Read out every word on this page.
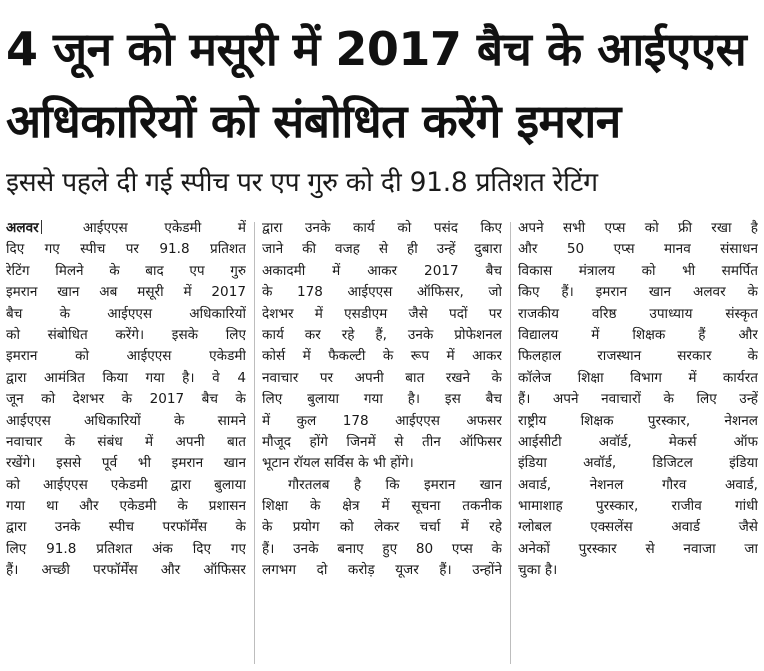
4 जून को मसूरी में 2017 बैच के आईएएस
अधिकारियों को संबोधित करेंगे इमरान
इससे पहले दी गई स्पीच पर एप गुरु को दी 91.8 प्रतिशत रेटिंग
अलवर	आईएएस एकेडमी में
दिए गए स्पीच पर 91.8 प्रतिशत
रेटिंग मिलने के बाद एप गुरु
इमरान खान अब मसूरी में 2017
बैच के आईएएस अधिकारियों
को संबोधित करेंगे। इसके लिए
इमरान को आईएएस एकेडमी
द्वारा आमंत्रित किया गया है। वे 4
जून को देशभर के 2017 बैच के
आईएएस अधिकारियों के सामने
नवाचार के संबंध में अपनी बात
रखेंगे। इससे पूर्व भी इमरान खान
को आईएएस एकेडमी द्वारा बुलाया
गया था और एकेडमी के प्रशासन
द्वारा उनके स्पीच परफॉर्मेंस के
लिए 91.8 प्रतिशत अंक दिए गए
हैं। अच्छी परफॉर्मेंस और ऑफिसर
द्वारा उनके कार्य को पसंद किए
जाने की वजह से ही उन्हें दुबारा
अकादमी में आकर 2017 बैच
के 178 आईएएस ऑफिसर, जो
देशभर में एसडीएम जैसे पदों पर
कार्य कर रहे हैं, उनके प्रोफेशनल
कोर्स में फैकल्टी के रूप में आकर
नवाचार पर अपनी बात रखने के
लिए बुलाया गया है। इस बैच
में कुल 178 आईएएस अफसर
मौजूद होंगे जिनमें से तीन ऑफिसर
भूटान रॉयल सर्विस के भी होंगे।
गौरतलब है कि इमरान खान
शिक्षा के क्षेत्र में सूचना तकनीक
के प्रयोग को लेकर चर्चा में रहे
हैं। उनके बनाए हुए 80 एप्स के
लगभग दो करोड़ यूजर हैं। उन्होंने
अपने सभी एप्स को फ्री रखा है
और 50 एप्स मानव संसाधन
विकास मंत्रालय को भी समर्पित
किए हैं। इमरान खान अलवर के
राजकीय वरिष्ठ उपाध्याय संस्कृत
विद्यालय में शिक्षक हैं और
फिलहाल राजस्थान सरकार के
कॉलेज शिक्षा विभाग में कार्यरत
हैं। अपने नवाचारों के लिए उन्हें
राष्ट्रीय शिक्षक पुरस्कार, नेशनल
आईसीटी अवॉर्ड, मेकर्स ऑफ
इंडिया अवॉर्ड, डिजिटल इंडिया
अवार्ड, नेशनल गौरव अवार्ड,
भामाशाह पुरस्कार, राजीव गांधी
ग्लोबल एक्सलेंस अवार्ड जैसे
अनेकों पुरस्कार से नवाजा जा
चुका है।
